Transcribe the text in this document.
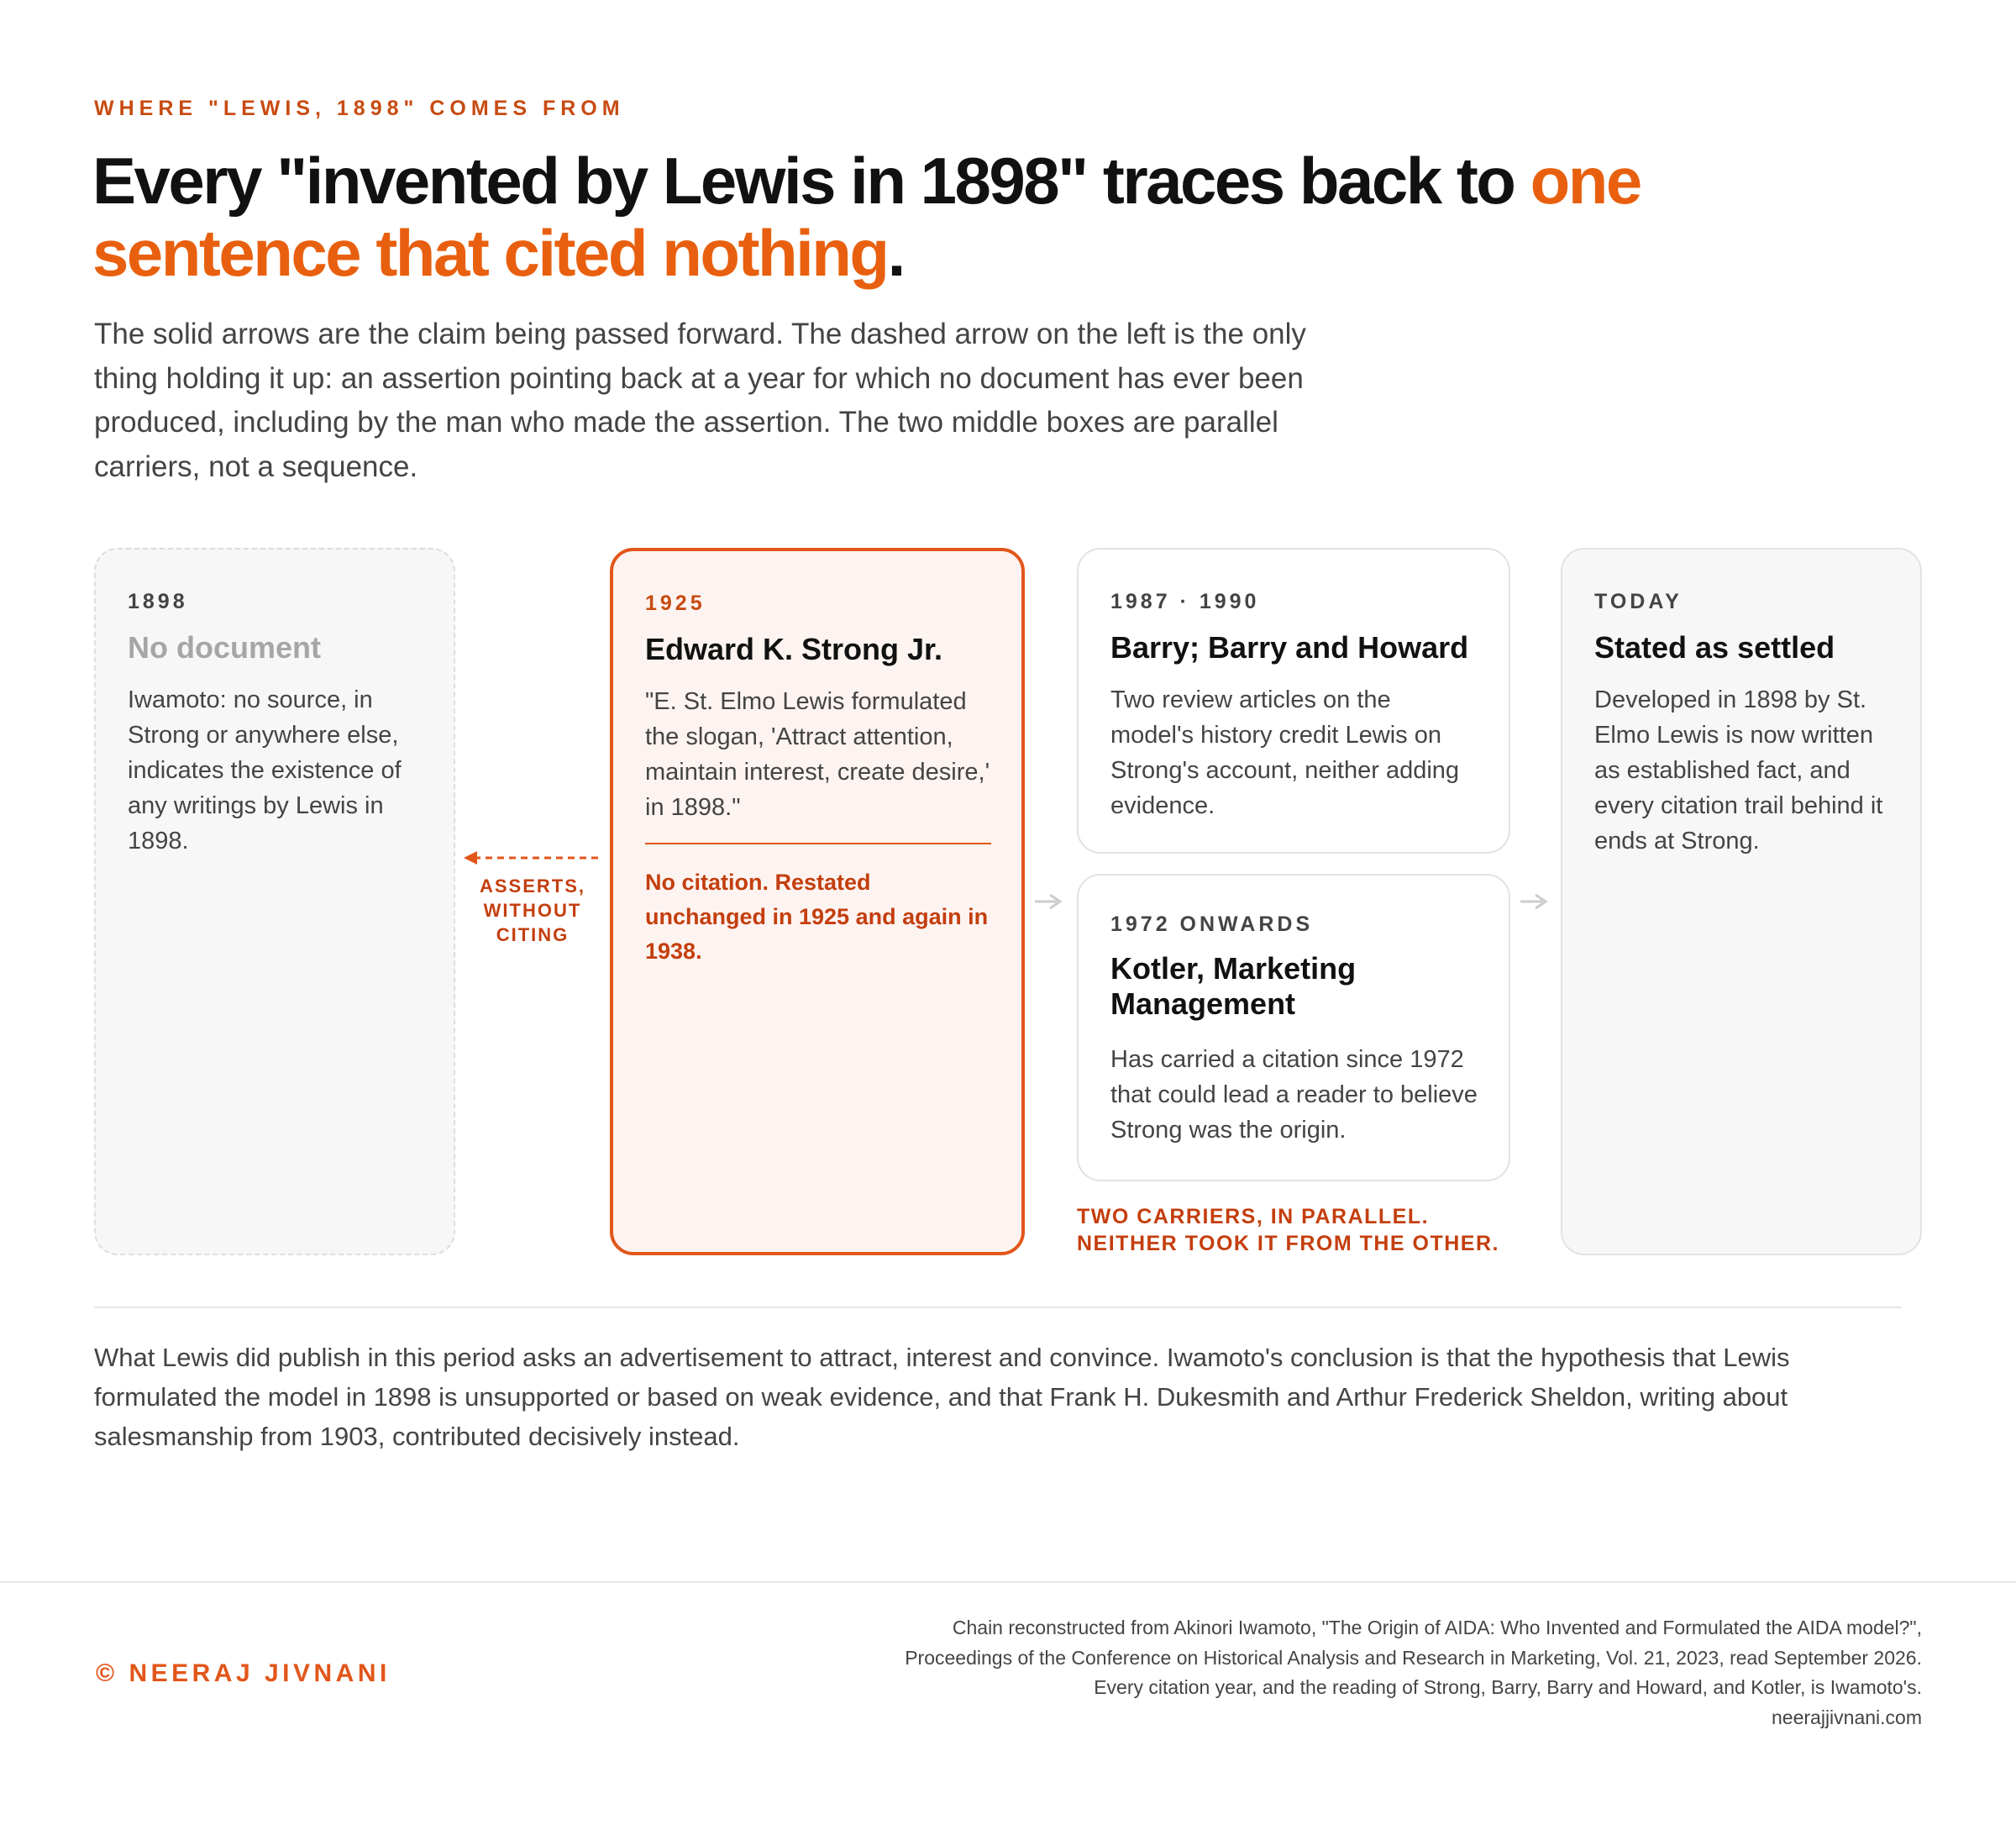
WHERE "LEWIS, 1898" COMES FROM
Every "invented by Lewis in 1898" traces back to one sentence that cited nothing.
The solid arrows are the claim being passed forward. The dashed arrow on the left is the only thing holding it up: an assertion pointing back at a year for which no document has ever been produced, including by the man who made the assertion. The two middle boxes are parallel carriers, not a sequence.
1898
No document
Iwamoto: no source, in Strong or anywhere else, indicates the existence of any writings by Lewis in 1898.
1925
Edward K. Strong Jr.
"E. St. Elmo Lewis formulated the slogan, 'Attract attention, maintain interest, create desire,' in 1898."
No citation. Restated unchanged in 1925 and again in 1938.
1987 · 1990
Barry; Barry and Howard
Two review articles on the model's history credit Lewis on Strong's account, neither adding evidence.
1972 ONWARDS
Kotler, Marketing Management
Has carried a citation since 1972 that could lead a reader to believe Strong was the origin.
TODAY
Stated as settled
Developed in 1898 by St. Elmo Lewis is now written as established fact, and every citation trail behind it ends at Strong.
ASSERTS, WITHOUT CITING
TWO CARRIERS, IN PARALLEL. NEITHER TOOK IT FROM THE OTHER.
What Lewis did publish in this period asks an advertisement to attract, interest and convince. Iwamoto's conclusion is that the hypothesis that Lewis formulated the model in 1898 is unsupported or based on weak evidence, and that Frank H. Dukesmith and Arthur Frederick Sheldon, writing about salesmanship from 1903, contributed decisively instead.
© NEERAJ JIVNANI
Chain reconstructed from Akinori Iwamoto, "The Origin of AIDA: Who Invented and Formulated the AIDA model?",
Proceedings of the Conference on Historical Analysis and Research in Marketing, Vol. 21, 2023, read September 2026.
Every citation year, and the reading of Strong, Barry, Barry and Howard, and Kotler, is Iwamoto's.
neerajjivnani.com
